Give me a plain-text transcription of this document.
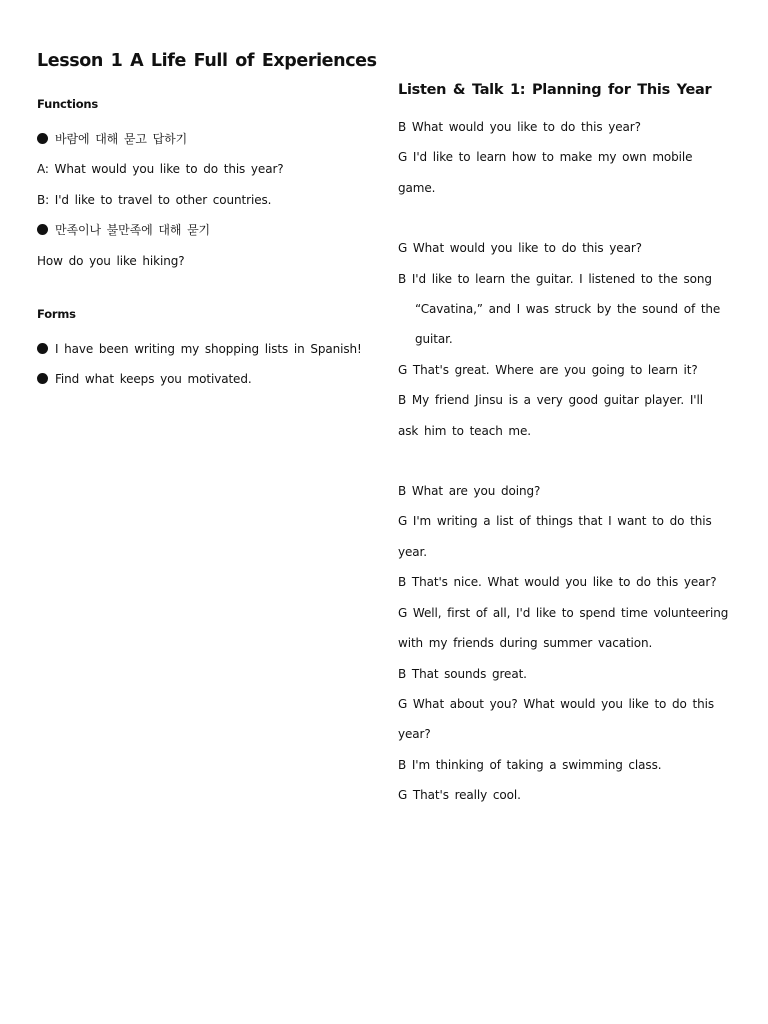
Lesson 1 A Life Full of Experiences
Functions
바람에 대해 묻고 답하기
A: What would you like to do this year?
B: I'd like to travel to other countries.
만족이나 불만족에 대해 묻기
How do you like hiking?
Forms
I have been writing my shopping lists in Spanish!
Find what keeps you motivated.
Listen & Talk 1: Planning for This Year
B What would you like to do this year?
G I'd like to learn how to make my own mobile
game.
G What would you like to do this year?
B I'd like to learn the guitar. I listened to the song
“Cavatina,” and I was struck by the sound of the
guitar.
G That's great. Where are you going to learn it?
B My friend Jinsu is a very good guitar player. I'll
ask him to teach me.
B What are you doing?
G I'm writing a list of things that I want to do this
year.
B That's nice. What would you like to do this year?
G Well, first of all, I'd like to spend time volunteering
with my friends during summer vacation.
B That sounds great.
G What about you? What would you like to do this
year?
B I'm thinking of taking a swimming class.
G That's really cool.
